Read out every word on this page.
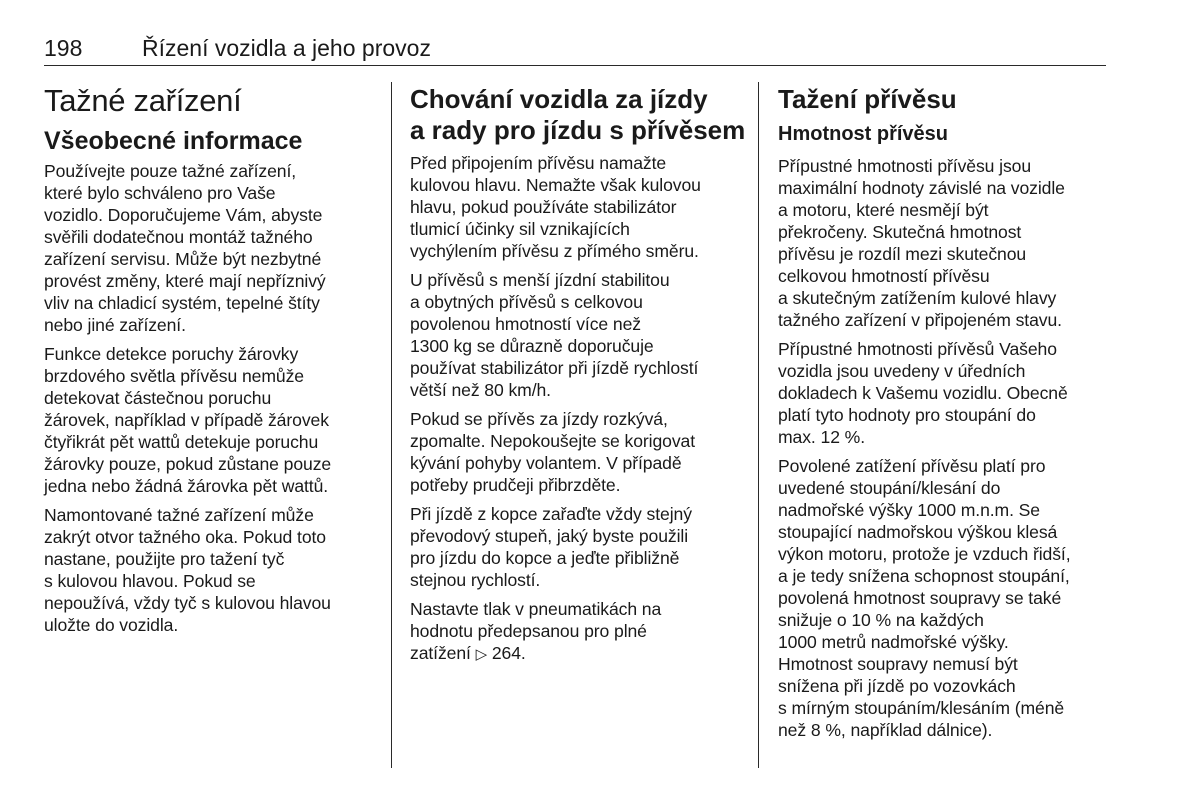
198	Řízení vozidla a jeho provoz
Tažné zařízení
Všeobecné informace

Používejte pouze tažné zařízení,
které bylo schváleno pro Vaše
vozidlo. Doporučujeme Vám, abyste
svěřili dodatečnou montáž tažného
zařízení servisu. Může být nezbytné
provést změny, které mají nepříznivý
vliv na chladicí systém, tepelné štíty
nebo jiné zařízení.

Funkce detekce poruchy žárovky
brzdového světla přívěsu nemůže
detekovat částečnou poruchu
žárovek, například v případě žárovek
čtyřikrát pět wattů detekuje poruchu
žárovky pouze, pokud zůstane pouze
jedna nebo žádná žárovka pět wattů.

Namontované tažné zařízení může
zakrýt otvor tažného oka. Pokud toto
nastane, použijte pro tažení tyč
s kulovou hlavou. Pokud se
nepoužívá, vždy tyč s kulovou hlavou
uložte do vozidla.

Chování vozidla za jízdy
a rady pro jízdu s přívěsem

Před připojením přívěsu namažte
kulovou hlavu. Nemažte však kulovou
hlavu, pokud používáte stabilizátor
tlumicí účinky sil vznikajících
vychýlením přívěsu z přímého směru.

U přívěsů s menší jízdní stabilitou
a obytných přívěsů s celkovou
povolenou hmotností více než
1300 kg se důrazně doporučuje
používat stabilizátor při jízdě rychlostí
větší než 80 km/h.

Pokud se přívěs za jízdy rozkývá,
zpomalte. Nepokoušejte se korigovat
kývání pohyby volantem. V případě
potřeby prudčeji přibrzděte.

Při jízdě z kopce zařaďte vždy stejný
převodový stupeň, jaký byste použili
pro jízdu do kopce a jeďte přibližně
stejnou rychlostí.

Nastavte tlak v pneumatikách na
hodnotu předepsanou pro plné
zatížení ▷ 264.

Tažení přívěsu
Hmotnost přívěsu

Přípustné hmotnosti přívěsu jsou
maximální hodnoty závislé na vozidle
a motoru, které nesmějí být
překročeny. Skutečná hmotnost
přívěsu je rozdíl mezi skutečnou
celkovou hmotností přívěsu
a skutečným zatížením kulové hlavy
tažného zařízení v připojeném stavu.

Přípustné hmotnosti přívěsů Vašeho
vozidla jsou uvedeny v úředních
dokladech k Vašemu vozidlu. Obecně
platí tyto hodnoty pro stoupání do
max. 12 %.

Povolené zatížení přívěsu platí pro
uvedené stoupání/klesání do
nadmořské výšky 1000 m.n.m. Se
stoupající nadmořskou výškou klesá
výkon motoru, protože je vzduch řidší,
a je tedy snížena schopnost stoupání,
povolená hmotnost soupravy se také
snižuje o 10 % na každých
1000 metrů nadmořské výšky.
Hmotnost soupravy nemusí být
snížena při jízdě po vozovkách
s mírným stoupáním/klesáním (méně
než 8 %, například dálnice).
